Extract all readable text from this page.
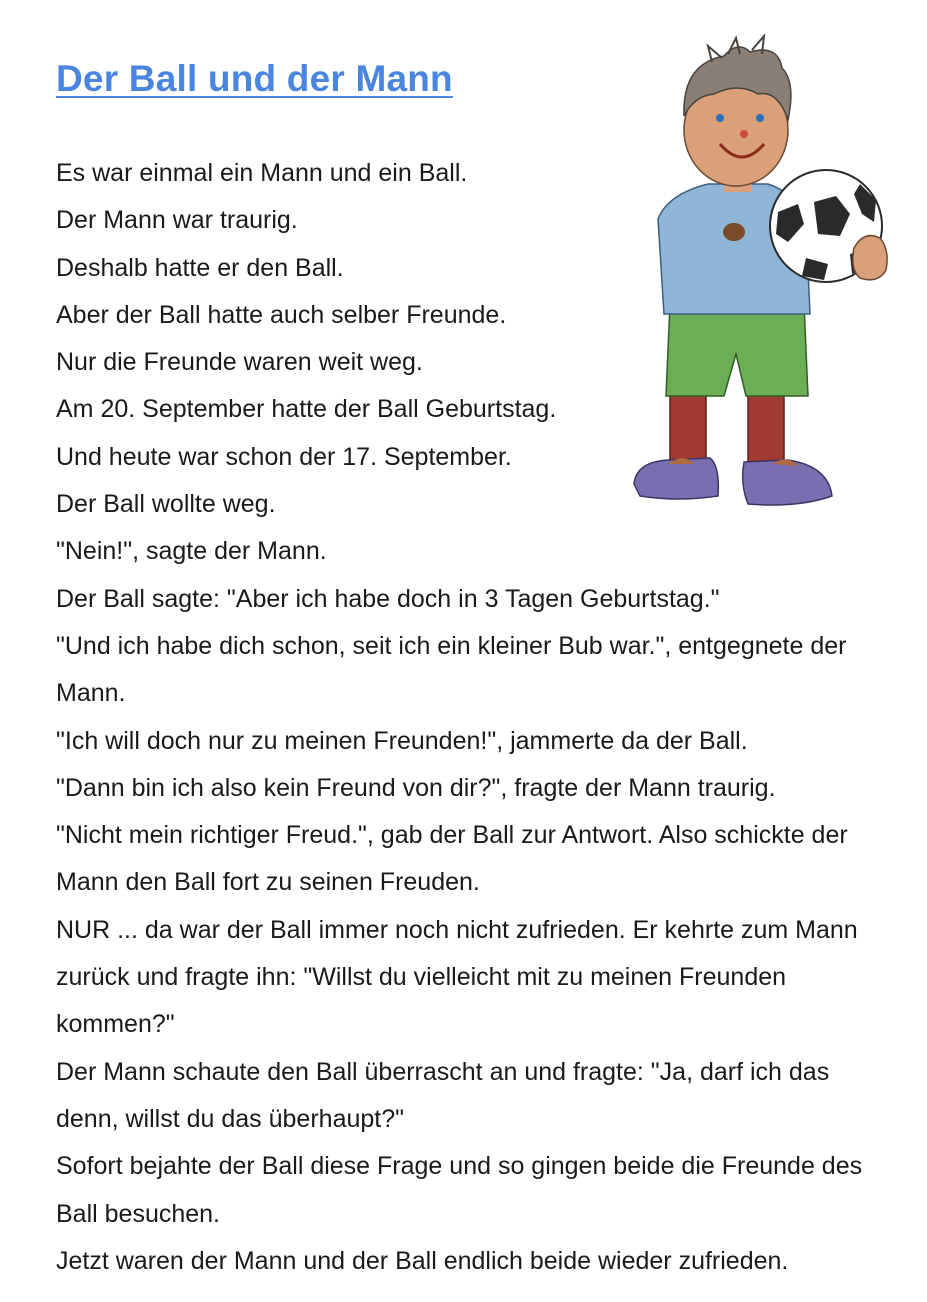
Der Ball und der Mann

Es war einmal ein Mann und ein Ball.

Der Mann war traurig.

Deshalb hatte er den Ball.

Aber der Ball hatte auch selber Freunde.

Nur die Freunde waren weit weg.

Am 20. September hatte der Ball Geburtstag.

Und heute war schon der 17. September.

Der Ball wollte weg.

"Nein!", sagte der Mann.

Der Ball sagte: "Aber ich habe doch in 3 Tagen Geburtstag."

"Und ich habe dich schon, seit ich ein kleiner Bub war.", entgegnete der Mann.

"Ich will doch nur zu meinen Freunden!", jammerte da der Ball.

"Dann bin ich also kein Freund von dir?", fragte der Mann traurig.

"Nicht mein richtiger Freud.", gab der Ball zur Antwort. Also schickte der Mann den Ball fort zu seinen Freuden.

NUR ... da war der Ball immer noch nicht zufrieden. Er kehrte zum Mann zurück und fragte ihn: "Willst du vielleicht mit zu meinen Freunden kommen?"

Der Mann schaute den Ball überrascht an und fragte: "Ja, darf ich das denn, willst du das überhaupt?"

Sofort bejahte der Ball diese Frage und so gingen beide die Freunde des Ball besuchen.

Jetzt waren der Mann und der Ball endlich beide wieder zufrieden.
